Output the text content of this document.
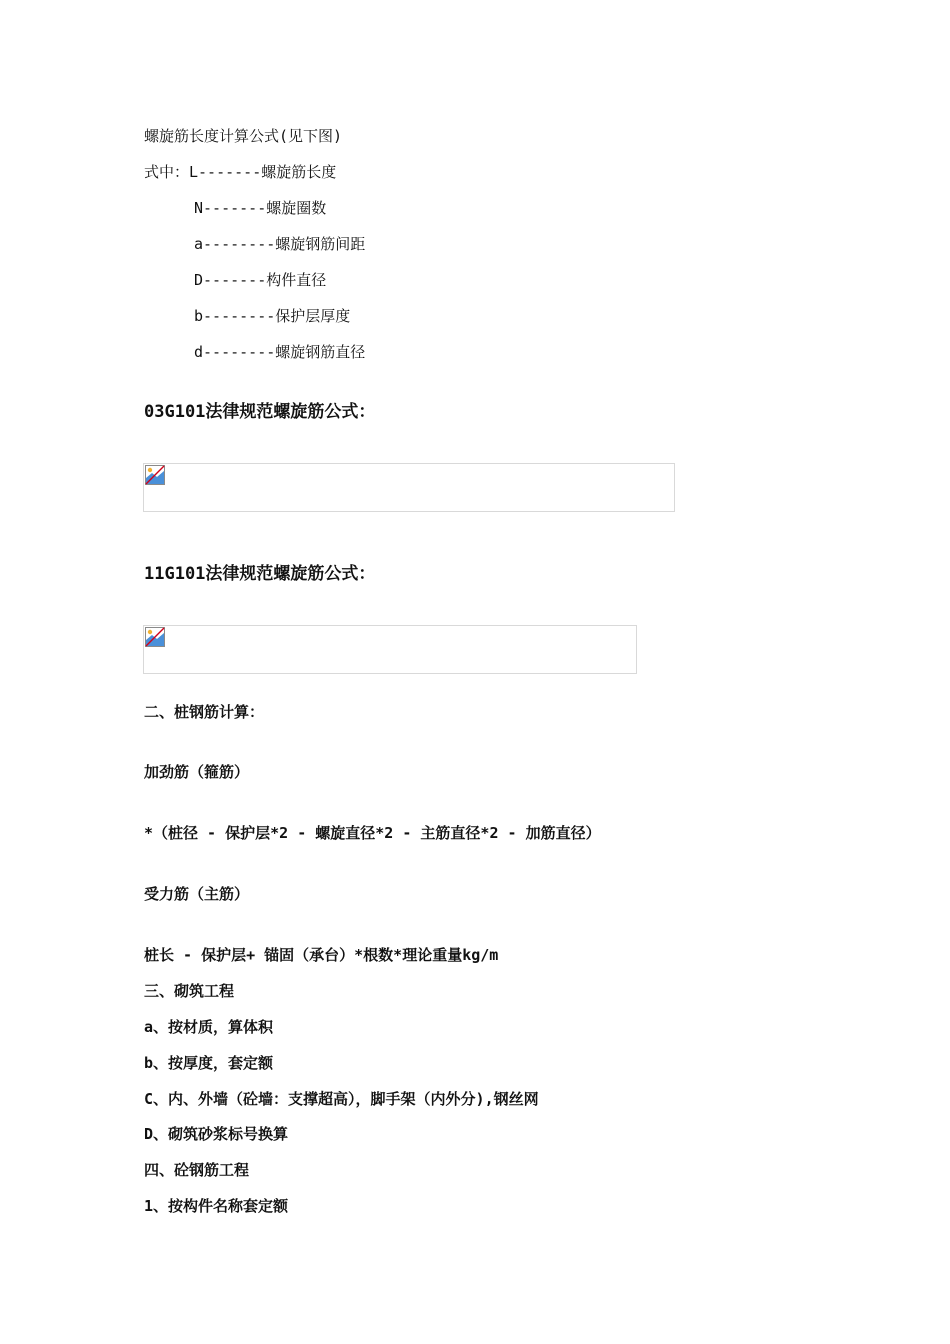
螺旋筋长度计算公式(见下图)
式中：L-------螺旋筋长度
N-------螺旋圈数
a--------螺旋钢筋间距
D-------构件直径
b--------保护层厚度
d--------螺旋钢筋直径
03G101法律规范螺旋筋公式：
11G101法律规范螺旋筋公式：
二、桩钢筋计算：
加劲筋（箍筋）
*（桩径 - 保护层*2 - 螺旋直径*2 - 主筋直径*2 - 加筋直径）
受力筋（主筋）
桩长 - 保护层+ 锚固（承台）*根数*理论重量kg/m
三、砌筑工程
a、按材质，算体积
b、按厚度，套定额
C、内、外墙（砼墙：支撑超高），脚手架（内外分),钢丝网
D、砌筑砂浆标号换算
四、砼钢筋工程
1、按构件名称套定额
